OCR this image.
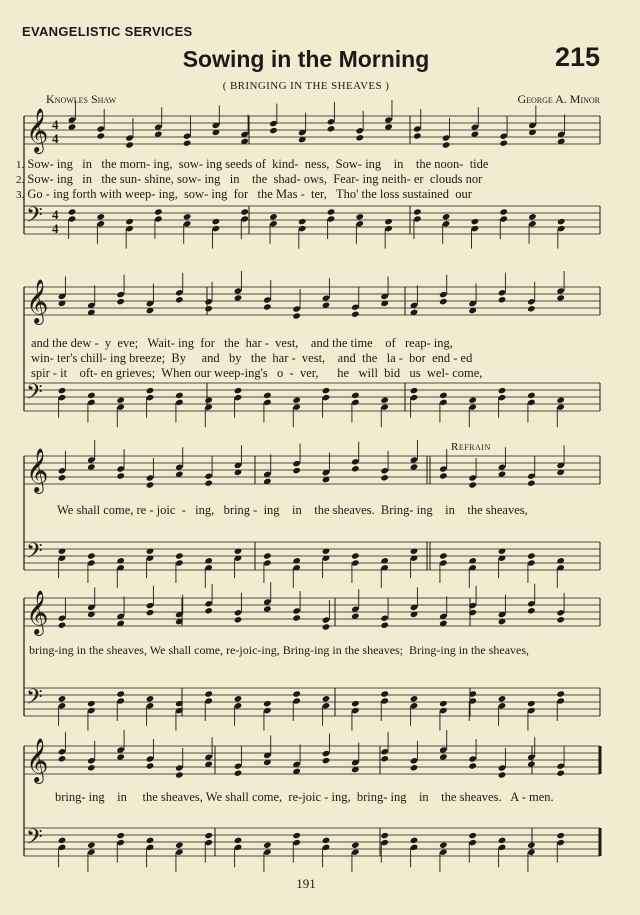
EVANGELISTIC SERVICES
Sowing in the Morning	215
( BRINGING IN THE SHEAVES )
Knowles Shaw	George A. Minor
𝄞 4
4
𝄢 4
4
𝄞
𝄢
𝄞
𝄢
𝄞
𝄢
𝄞
𝄢
1. Sow- ing   in   the morn- ing,  sow- ing seeds of  kind-  ness,  Sow- ing    in    the noon-  tide
2. Sow- ing   in   the sun- shine, sow- ing   in    the  shad- ows,  Fear- ing neith- er  clouds nor
3. Go - ing forth with weep- ing,  sow- ing  for   the Mas -  ter,   Tho' the loss sustained  our
and the dew -  y  eve;   Wait- ing  for   the  har -  vest,    and the time    of   reap- ing,
win- ter's chill- ing breeze;  By     and   by   the  har -  vest,    and  the   la -  bor  end - ed
spir - it    oft- en grieves;  When our weep-ing's   o  -  ver,      he   will  bid   us  wel- come,
Refrain
We shall come, re - joic  -   ing,   bring -  ing    in    the sheaves.  Bring- ing    in    the sheaves,
bring-ing in the sheaves, We shall come, re-joic-ing, Bring-ing in the sheaves;  Bring-ing in the sheaves,
bring- ing    in     the sheaves, We shall come,  re-joic - ing,  bring- ing    in    the sheaves.   A - men.
191
